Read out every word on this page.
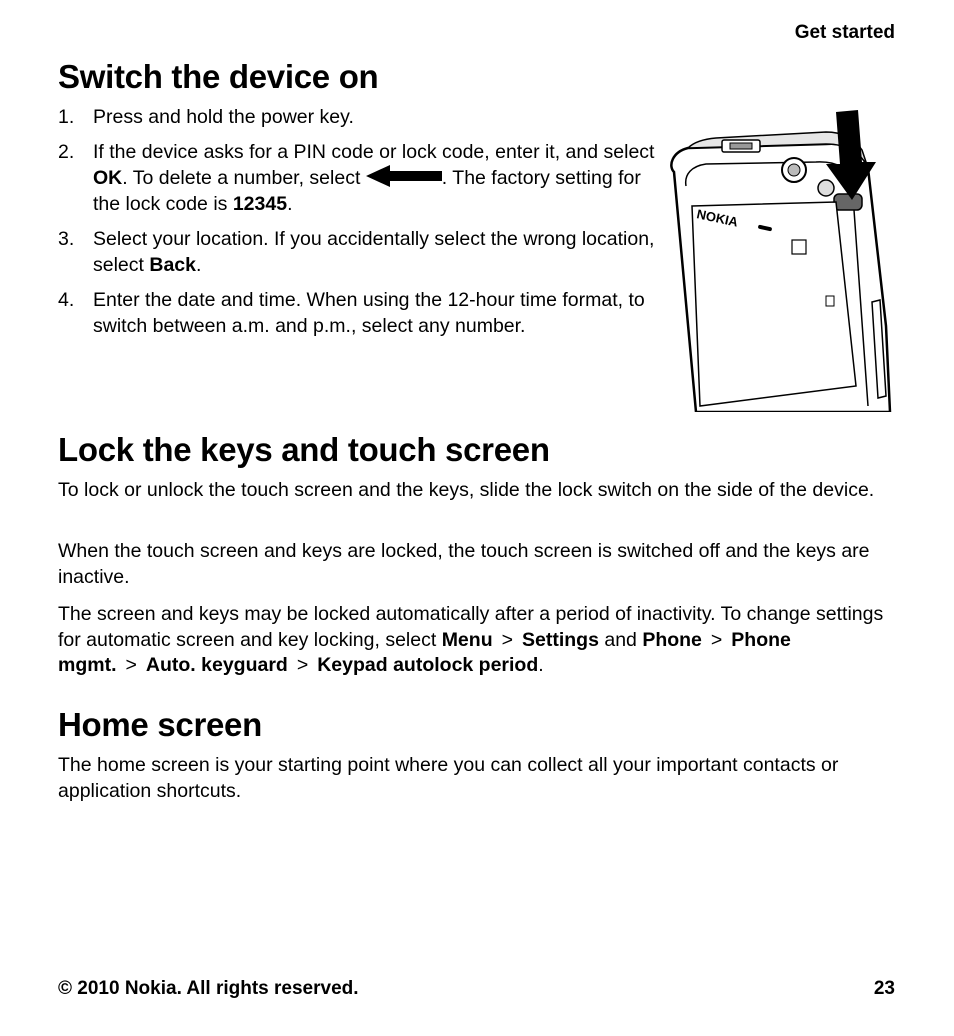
Get started
Switch the device on
1. Press and hold the power key.
2. If the device asks for a PIN code or lock code, enter it, and select OK. To delete a number, select	. The factory setting for the lock code is 12345.
3. Select your location. If you accidentally select the wrong location, select Back.
4. Enter the date and time. When using the 12-hour time format, to switch between a.m. and p.m., select any number.
NOKIA
Lock the keys and touch screen

To lock or unlock the touch screen and the keys, slide the lock switch on the side of the device.

When the touch screen and keys are locked, the touch screen is switched off and the keys are inactive.

The screen and keys may be locked automatically after a period of inactivity. To change settings for automatic screen and key locking, select Menu > Settings and Phone > Phone mgmt. > Auto. keyguard > Keypad autolock period.

Home screen

The home screen is your starting point where you can collect all your important contacts or application shortcuts.

© 2010 Nokia. All rights reserved.	23
